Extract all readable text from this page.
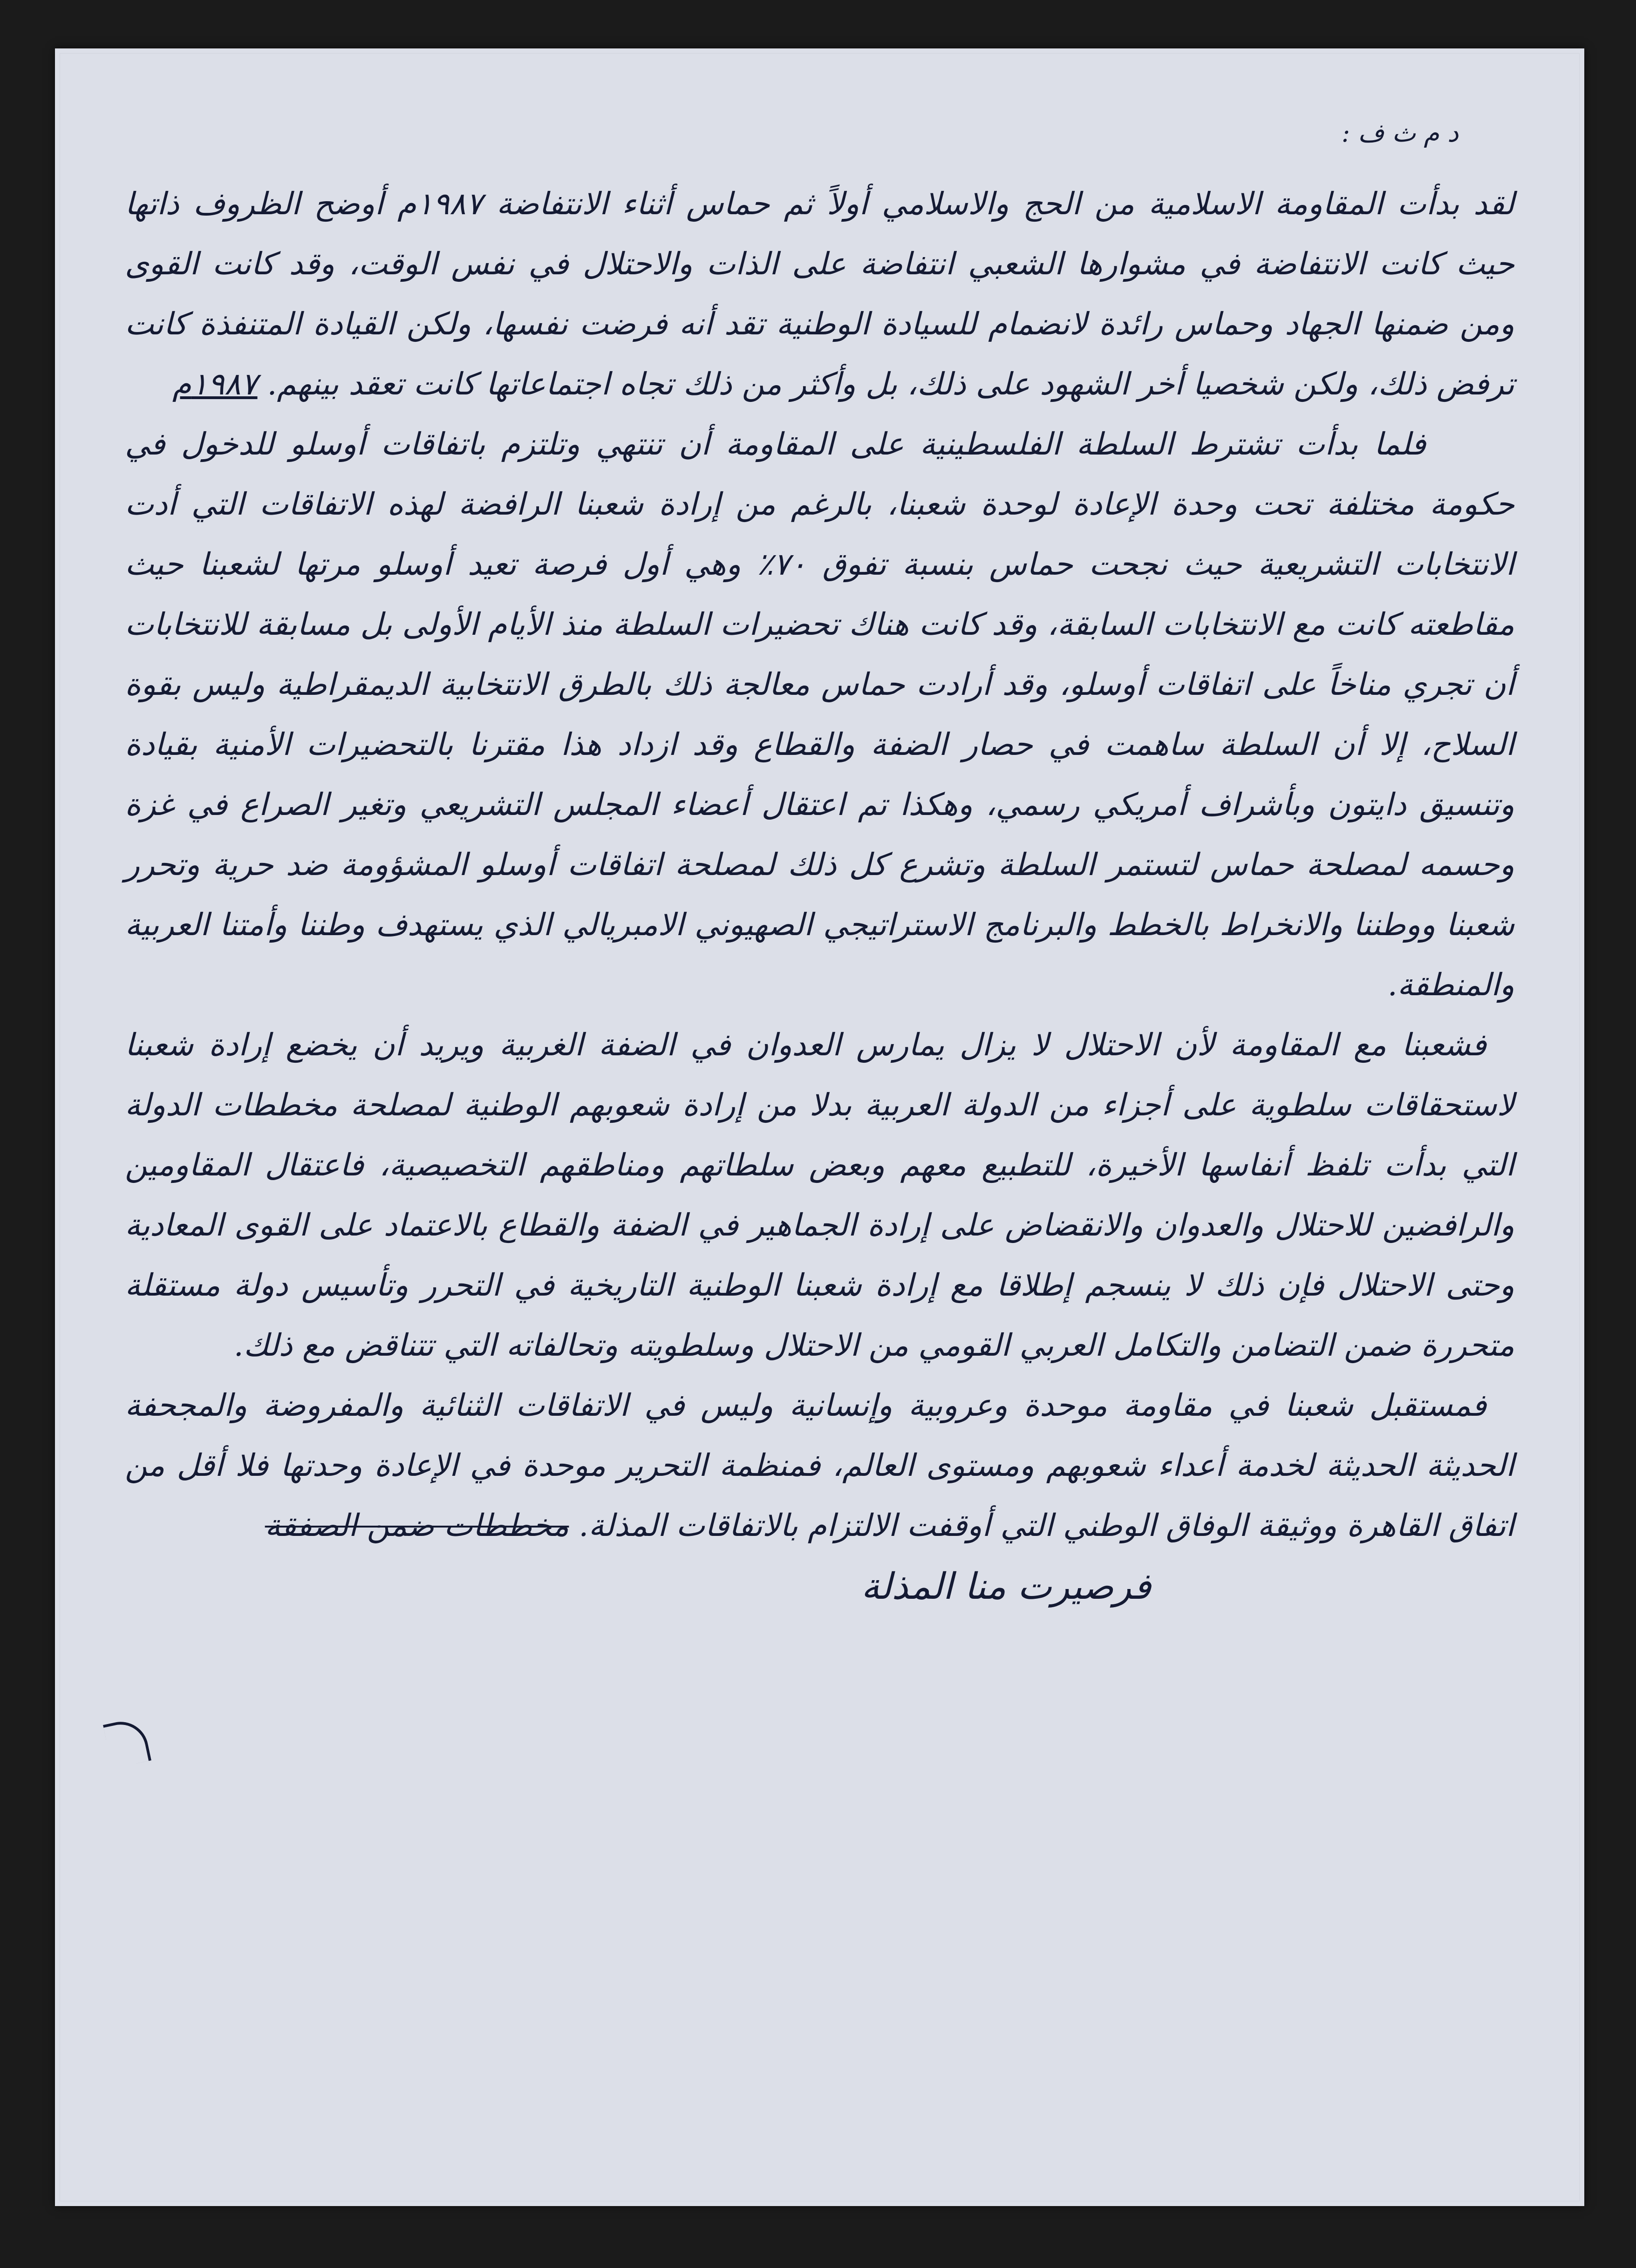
د م ث ف :

لقد بدأت المقاومة الاسلامية من الحج والاسلامي أولاً ثم حماس أثناء الانتفاضة ١٩٨٧م أوضح الظروف ذاتها حيث كانت الانتفاضة في مشوارها الشعبي انتفاضة على الذات والاحتلال في نفس الوقت، وقد كانت القوى ومن ضمنها الجهاد وحماس رائدة لانضمام للسيادة الوطنية تقد أنه فرضت نفسها، ولكن القيادة المتنفذة كانت ترفض ذلك، ولكن شخصيا أخر الشهود على ذلك، بل وأكثر من ذلك تجاه اجتماعاتها كانت تعقد بينهم. ١٩٨٧م

فلما بدأت تشترط السلطة الفلسطينية على المقاومة أن تنتهي وتلتزم باتفاقات أوسلو للدخول في حكومة مختلفة تحت وحدة الإعادة لوحدة شعبنا، بالرغم من إرادة شعبنا الرافضة لهذه الاتفاقات التي أدت الانتخابات التشريعية حيث نجحت حماس بنسبة تفوق ٧٠٪ وهي أول فرصة تعيد أوسلو مرتها لشعبنا حيث مقاطعته كانت مع الانتخابات السابقة، وقد كانت هناك تحضيرات السلطة منذ الأيام الأولى بل مسابقة للانتخابات أن تجري مناخاً على اتفاقات أوسلو، وقد أرادت حماس معالجة ذلك بالطرق الانتخابية الديمقراطية وليس بقوة السلاح، إلا أن السلطة ساهمت في حصار الضفة والقطاع وقد ازداد هذا مقترنا بالتحضيرات الأمنية بقيادة وتنسيق دايتون وبأشراف أمريكي رسمي، وهكذا تم اعتقال أعضاء المجلس التشريعي وتغير الصراع في غزة وحسمه لمصلحة حماس لتستمر السلطة وتشرع كل ذلك لمصلحة اتفاقات أوسلو المشؤومة ضد حرية وتحرر شعبنا ووطننا والانخراط بالخطط والبرنامج الاستراتيجي الصهيوني الامبريالي الذي يستهدف وطننا وأمتنا العربية والمنطقة.

فشعبنا مع المقاومة لأن الاحتلال لا يزال يمارس العدوان في الضفة الغربية ويريد أن يخضع إرادة شعبنا لاستحقاقات سلطوية على أجزاء من الدولة العربية بدلا من إرادة شعوبهم الوطنية لمصلحة مخططات الدولة التي بدأت تلفظ أنفاسها الأخيرة، للتطبيع معهم وبعض سلطاتهم ومناطقهم التخصيصية، فاعتقال المقاومين والرافضين للاحتلال والعدوان والانقضاض على إرادة الجماهير في الضفة والقطاع بالاعتماد على القوى المعادية وحتى الاحتلال فإن ذلك لا ينسجم إطلاقا مع إرادة شعبنا الوطنية التاريخية في التحرر وتأسيس دولة مستقلة متحررة ضمن التضامن والتكامل العربي القومي من الاحتلال وسلطويته وتحالفاته التي تتناقض مع ذلك.

فمستقبل شعبنا في مقاومة موحدة وعروبية وإنسانية وليس في الاتفاقات الثنائية والمفروضة والمجحفة الحديثة الحديثة لخدمة أعداء شعوبهم ومستوى العالم، فمنظمة التحرير موحدة في الإعادة وحدتها فلا أقل من اتفاق القاهرة ووثيقة الوفاق الوطني التي أوقفت الالتزام بالاتفاقات المذلة. مخططات ضمن الصفقة

فرصيرت منا المذلة
